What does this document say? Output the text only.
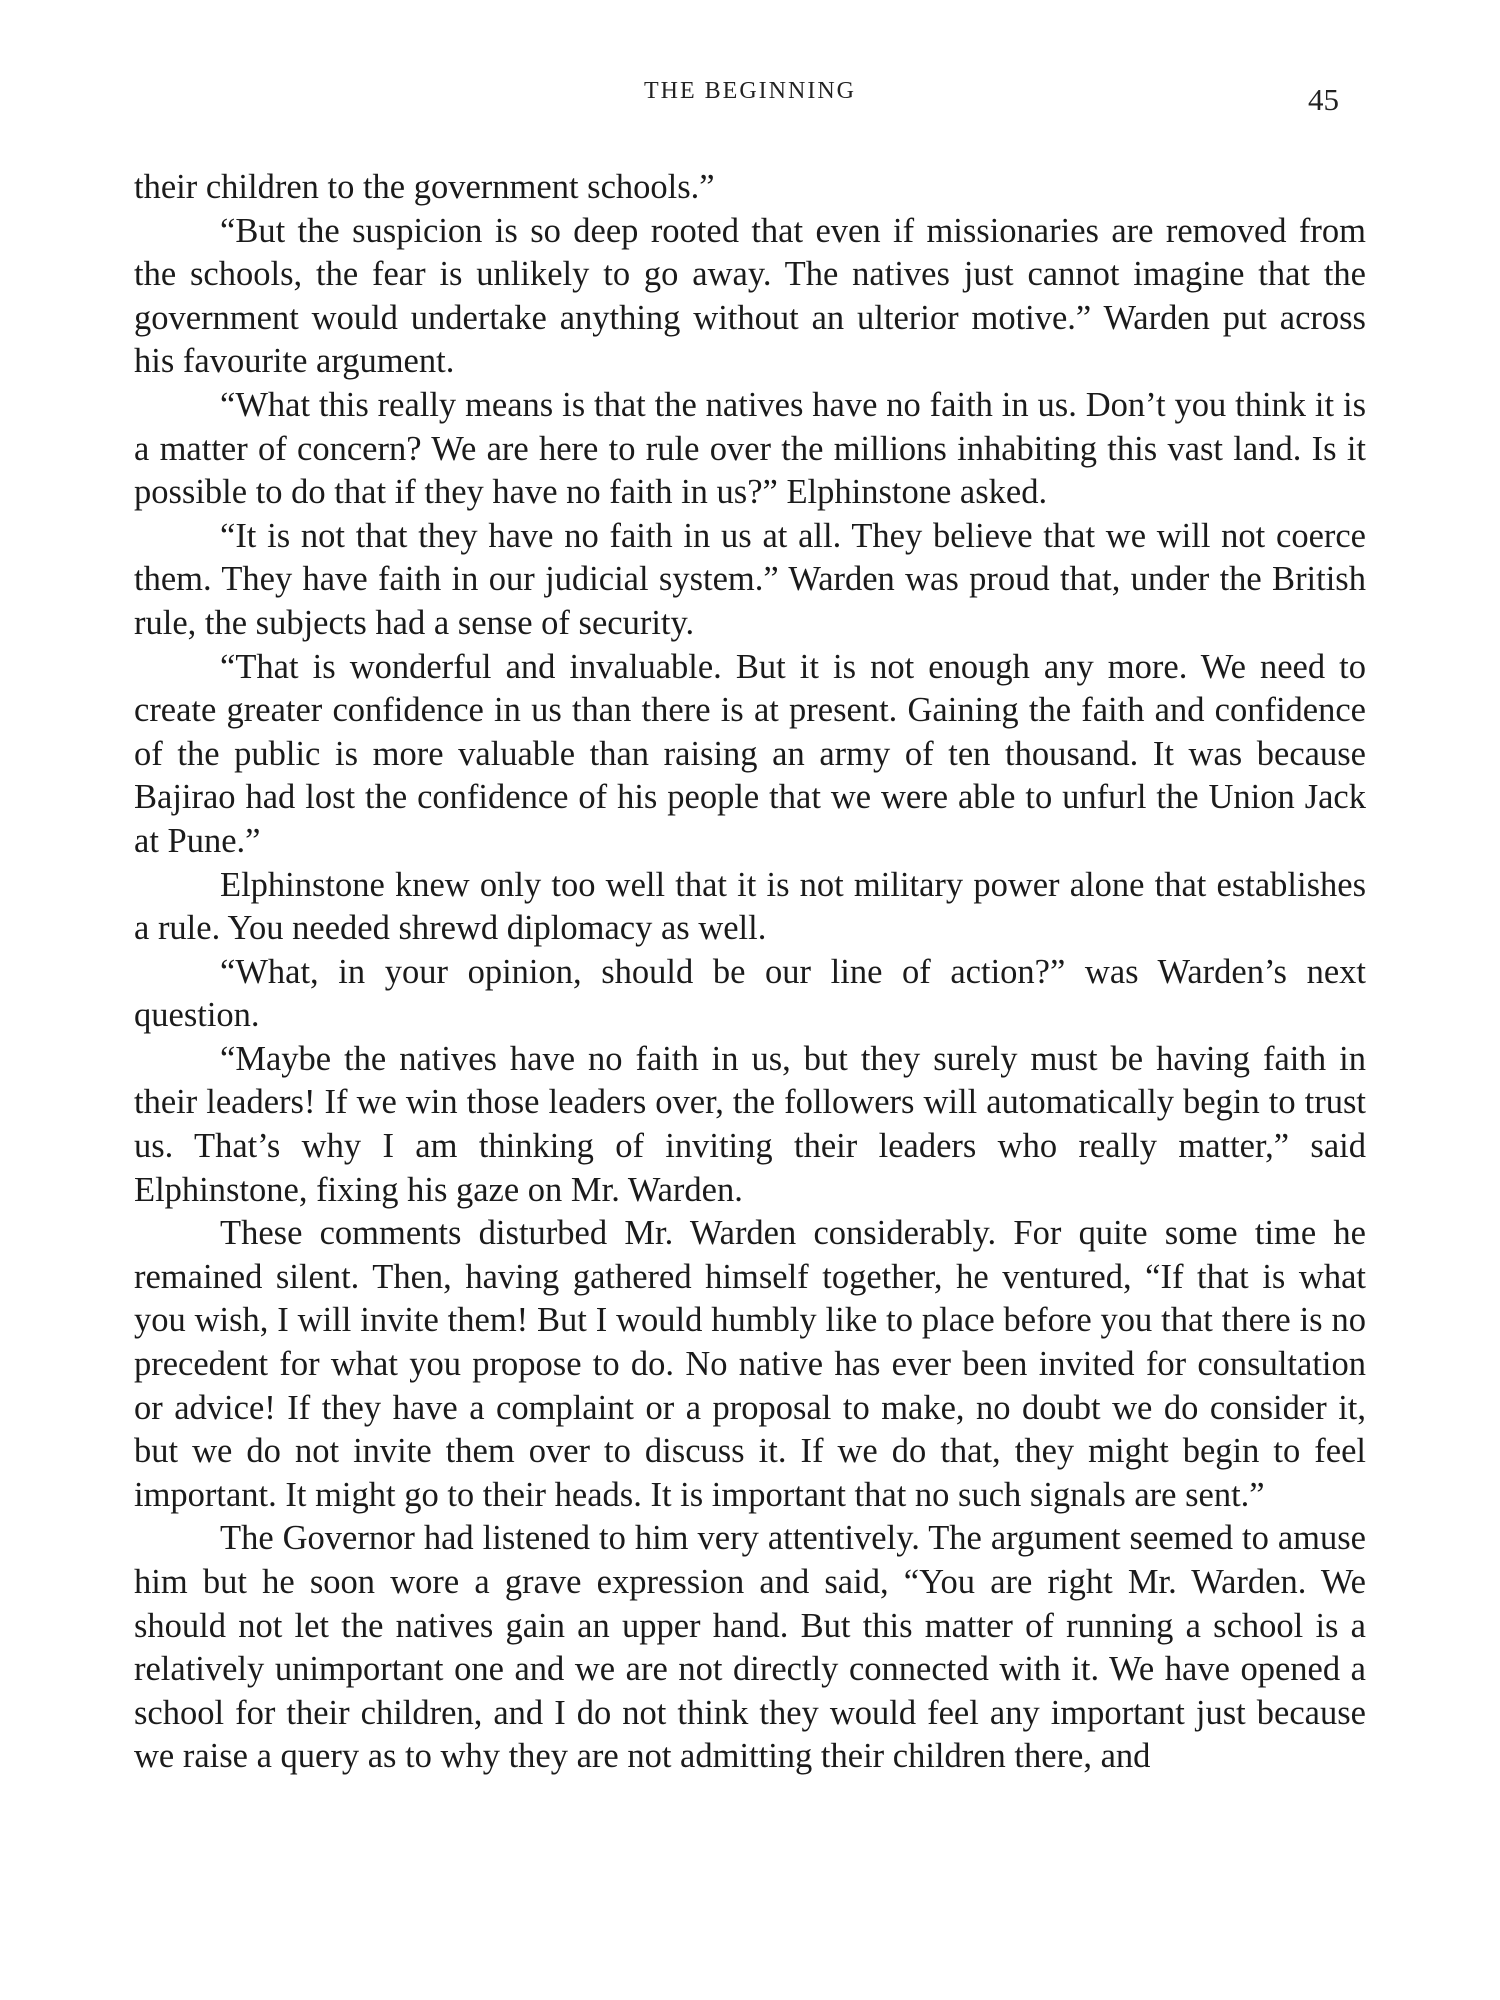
THE BEGINNING	45

their children to the government schools.”

“But the suspicion is so deep rooted that even if missionaries are removed from the schools, the fear is unlikely to go away. The natives just cannot imagine that the government would undertake anything without an ulterior motive.” Warden put across his favourite argument.

“What this really means is that the natives have no faith in us. Don’t you think it is a matter of concern? We are here to rule over the millions inhabiting this vast land. Is it possible to do that if they have no faith in us?” Elphinstone asked.

“It is not that they have no faith in us at all. They believe that we will not coerce them. They have faith in our judicial system.” Warden was proud that, under the British rule, the subjects had a sense of security.

“That is wonderful and invaluable. But it is not enough any more. We need to create greater confidence in us than there is at present. Gaining the faith and confidence of the public is more valuable than raising an army of ten thousand. It was because Bajirao had lost the confidence of his people that we were able to unfurl the Union Jack at Pune.”

Elphinstone knew only too well that it is not military power alone that establishes a rule. You needed shrewd diplomacy as well.

“What, in your opinion, should be our line of action?” was Warden’s next question.

“Maybe the natives have no faith in us, but they surely must be having faith in their leaders! If we win those leaders over, the followers will automatically begin to trust us. That’s why I am thinking of inviting their leaders who really matter,” said Elphinstone, fixing his gaze on Mr. Warden.

These comments disturbed Mr. Warden considerably. For quite some time he remained silent. Then, having gathered himself together, he ventured, “If that is what you wish, I will invite them! But I would humbly like to place before you that there is no precedent for what you propose to do. No native has ever been invited for consultation or advice! If they have a complaint or a proposal to make, no doubt we do consider it, but we do not invite them over to discuss it. If we do that, they might begin to feel important. It might go to their heads. It is important that no such signals are sent.”

The Governor had listened to him very attentively. The argument seemed to amuse him but he soon wore a grave expression and said, “You are right Mr. Warden. We should not let the natives gain an upper hand. But this matter of running a school is a relatively unimportant one and we are not directly connected with it. We have opened a school for their children, and I do not think they would feel any important just because we raise a query as to why they are not admitting their children there, and
